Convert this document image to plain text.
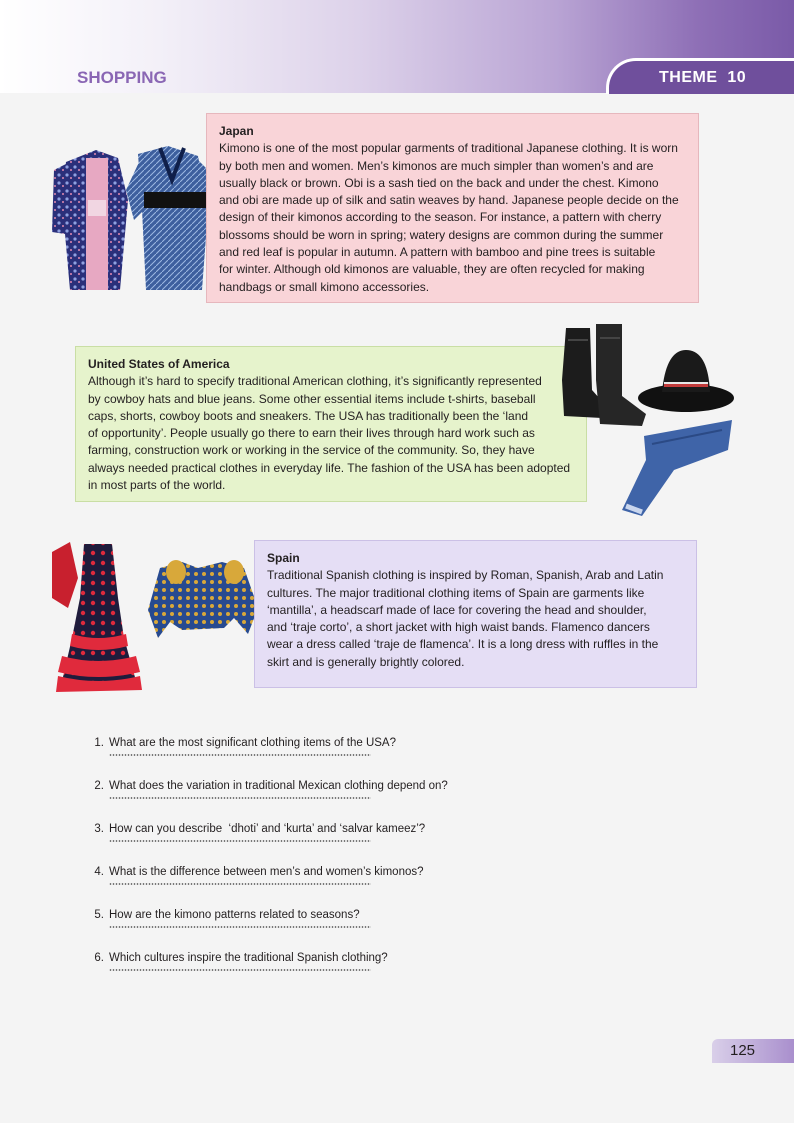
SHOPPING	THEME  10
Japan
Kimono is one of the most popular garments of traditional Japanese clothing. It is worn
by both men and women. Men’s kimonos are much simpler than women’s and are
usually black or brown. Obi is a sash tied on the back and under the chest. Kimono
and obi are made up of silk and satin weaves by hand. Japanese people decide on the
design of their kimonos according to the season. For instance, a pattern with cherry
blossoms should be worn in spring; watery designs are common during the summer
and red leaf is popular in autumn. A pattern with bamboo and pine trees is suitable
for winter. Although old kimonos are valuable, they are often recycled for making
handbags or small kimono accessories.
United States of America
Although it’s hard to specify traditional American clothing, it’s significantly represented
by cowboy hats and blue jeans. Some other essential items include t-shirts, baseball
caps, shorts, cowboy boots and sneakers. The USA has traditionally been the ‘land
of opportunity’. People usually go there to earn their lives through hard work such as
farming, construction work or working in the service of the community. So, they have
always needed practical clothes in everyday life. The fashion of the USA has been adopted
in most parts of the world.
Spain
Traditional Spanish clothing is inspired by Roman, Spanish, Arab and Latin
cultures. The major traditional clothing items of Spain are garments like
‘mantilla’, a headscarf made of lace for covering the head and shoulder,
and ‘traje corto’, a short jacket with high waist bands. Flamenco dancers
wear a dress called ‘traje de flamenca’. It is a long dress with ruffles in the
skirt and is generally brightly colored.
1. What are the most significant clothing items of the USA?
2. What does the variation in traditional Mexican clothing depend on?
3. How can you describe  ‘dhoti’ and ‘kurta’ and ‘salvar kameez’?
4. What is the difference between men’s and women’s kimonos?
5. How are the kimono patterns related to seasons?
6. Which cultures inspire the traditional Spanish clothing?
125
